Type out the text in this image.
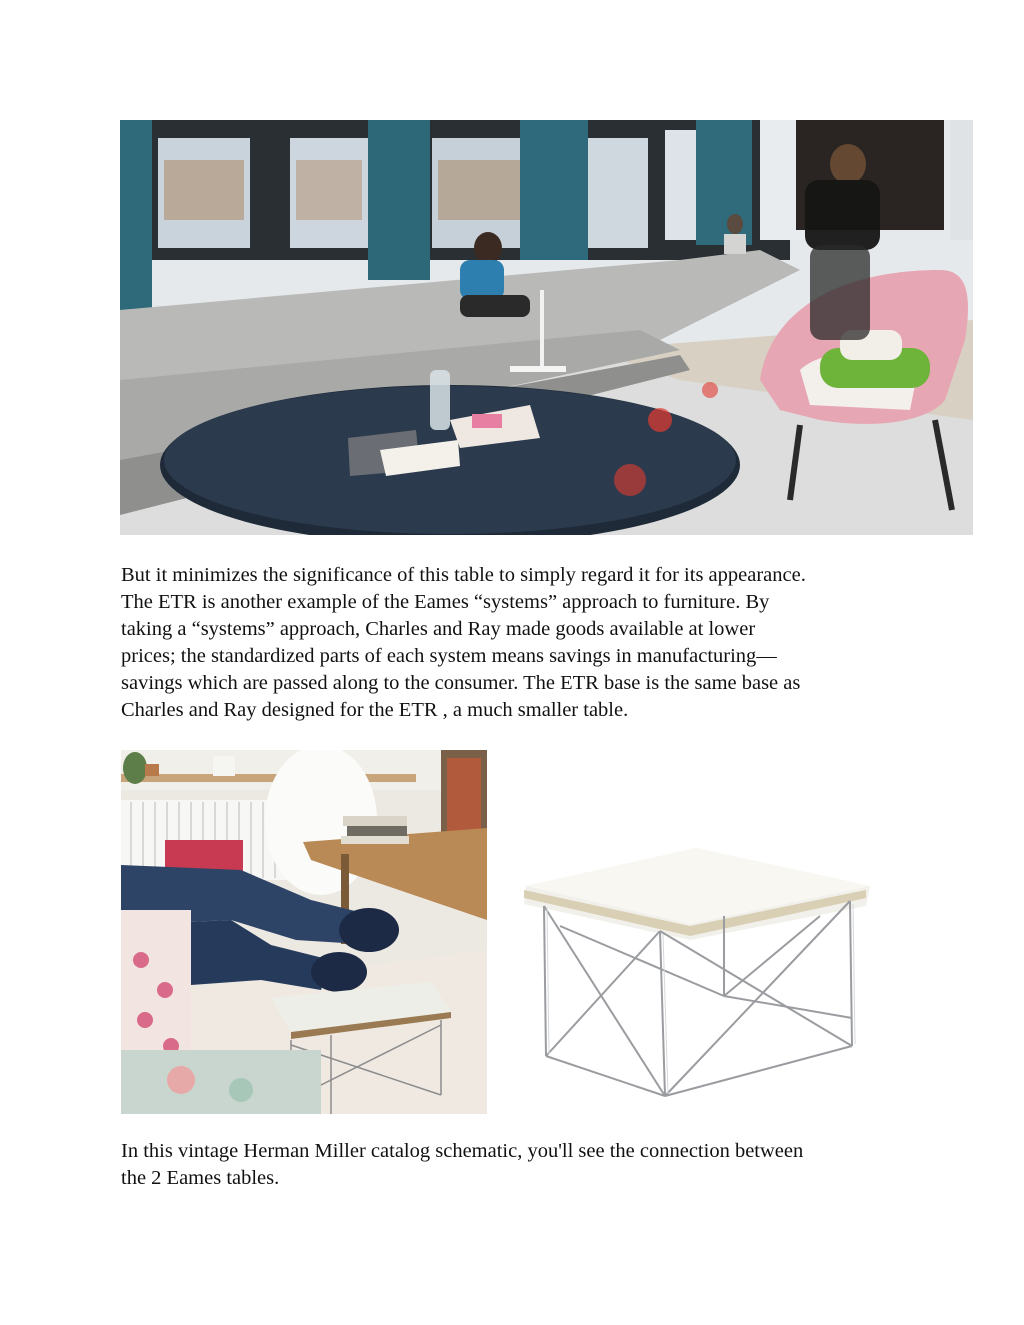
But it minimizes the significance of this table to simply regard it for its appearance.
The ETR is another example of the Eames “systems” approach to furniture. By
taking a “systems” approach, Charles and Ray made goods available at lower
prices; the standardized parts of each system means savings in manufacturing—
savings which are passed along to the consumer. The ETR base is the same base as
Charles and Ray designed for the ETR , a much smaller table.

In this vintage Herman Miller catalog schematic, you'll see the connection between
the 2 Eames tables.
